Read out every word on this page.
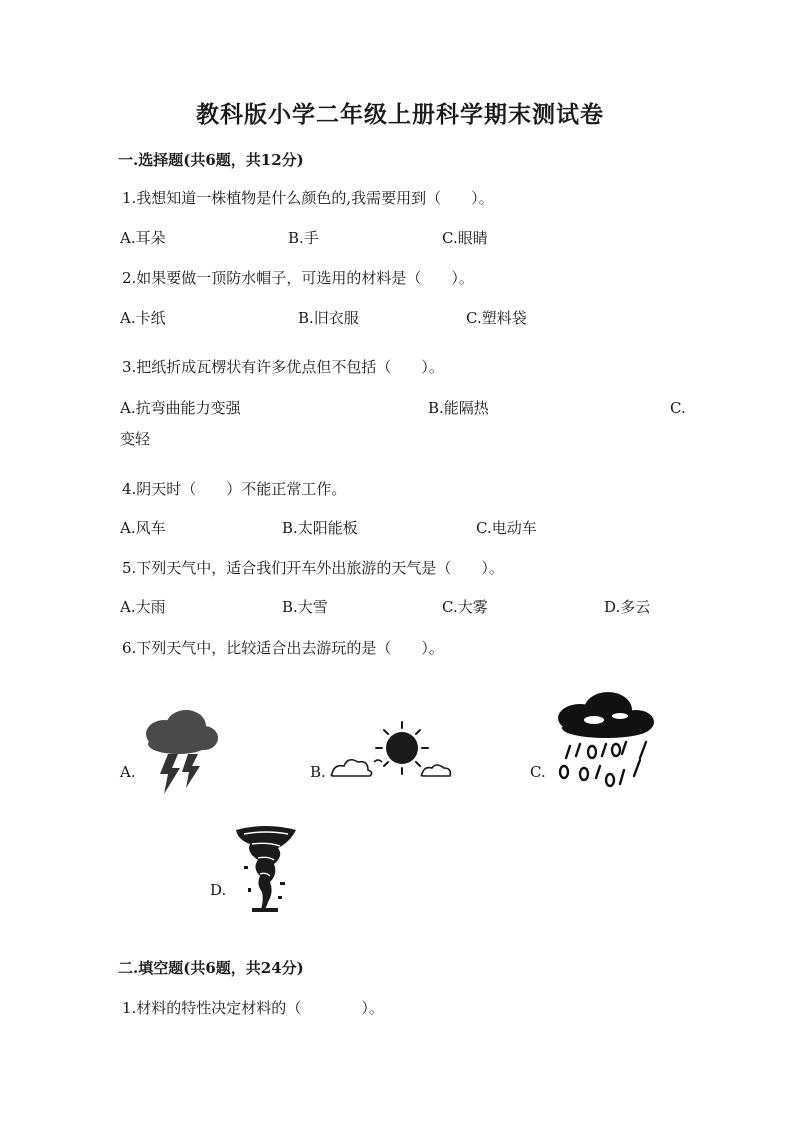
教科版小学二年级上册科学期末测试卷
一.选择题(共6题，共12分)
1.我想知道一株植物是什么颜色的,我需要用到（　　）。
A.耳朵	B.手	C.眼睛
2.如果要做一顶防水帽子，可选用的材料是（　　）。
A.卡纸	B.旧衣服	C.塑料袋
3.把纸折成瓦楞状有许多优点但不包括（　　）。
A.抗弯曲能力变强	B.能隔热	C.
变轻
4.阴天时（　　）不能正常工作。
A.风车	B.太阳能板	C.电动车
5.下列天气中，适合我们开车外出旅游的天气是（　　）。
A.大雨	B.大雪	C.大雾	D.多云
6.下列天气中，比较适合出去游玩的是（　　）。
A.	B.	C.
D.
二.填空题(共6题，共24分)
1.材料的特性决定材料的（　　　　）。
